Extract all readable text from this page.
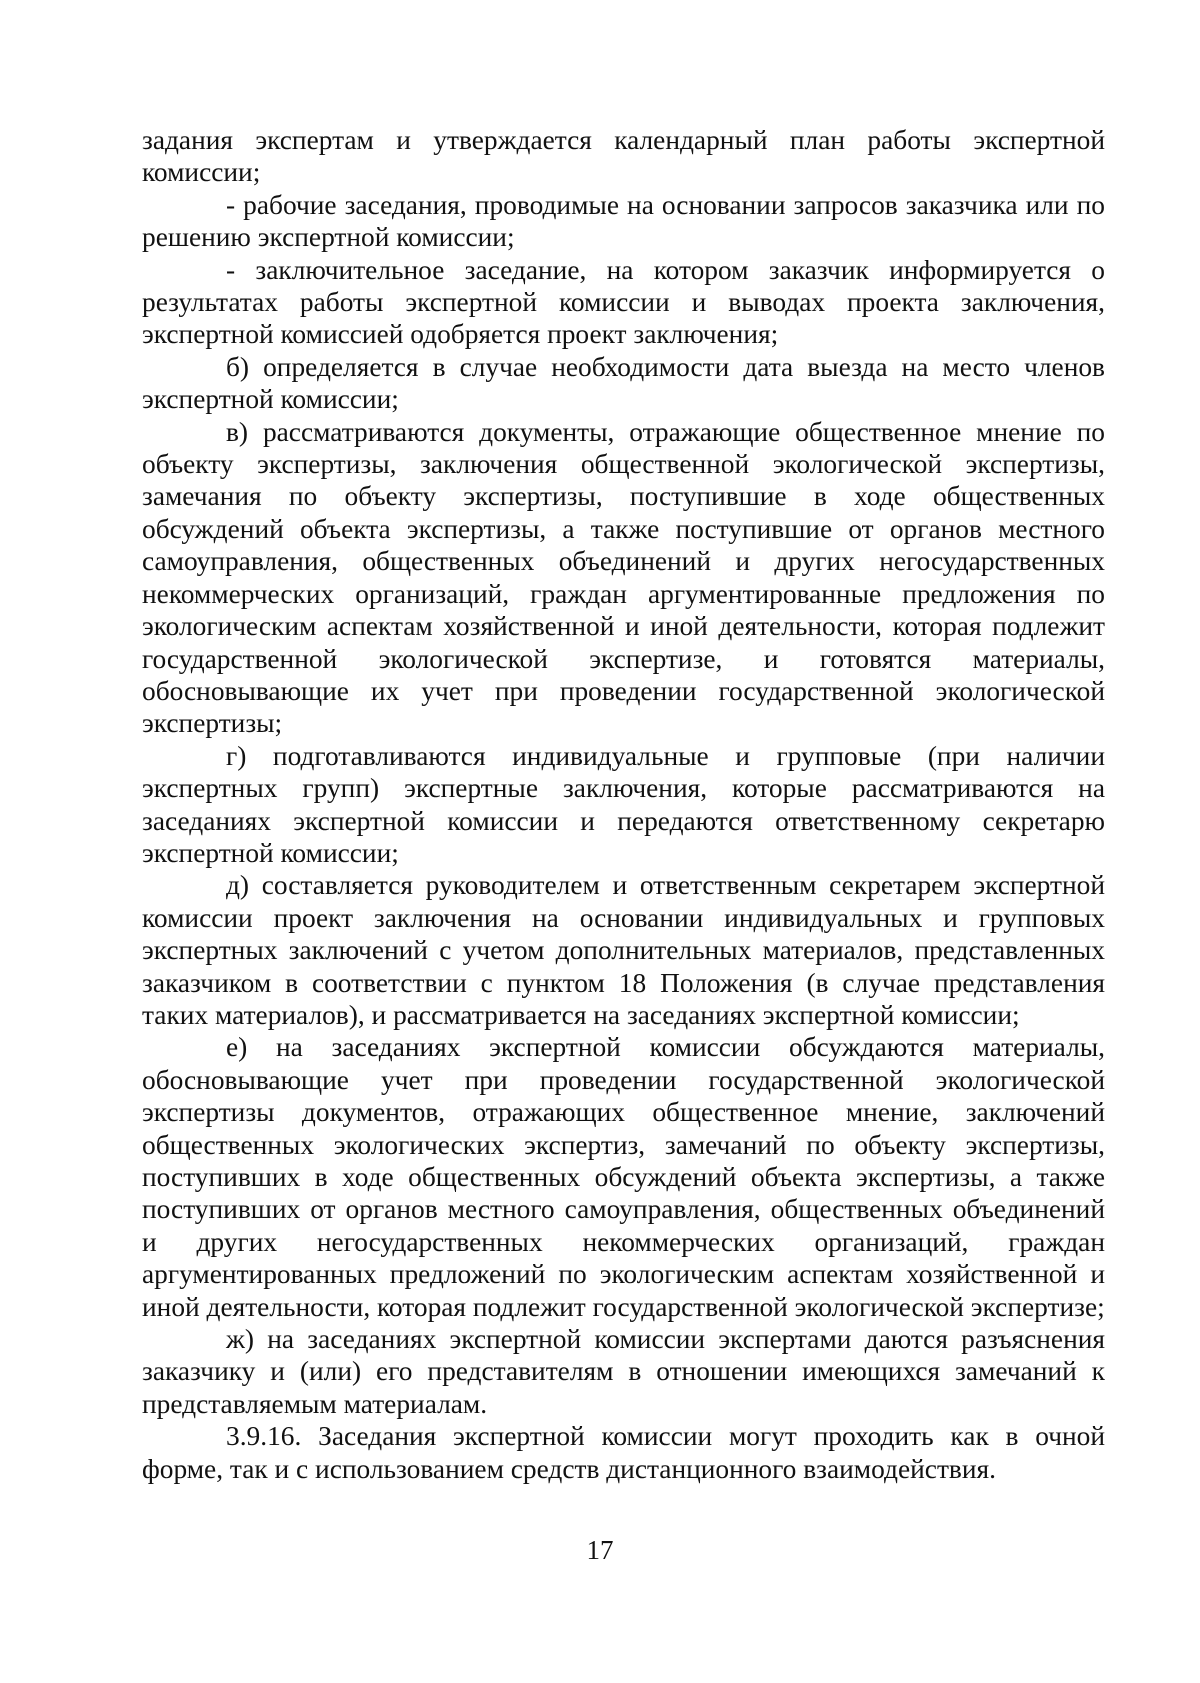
задания экспертам и утверждается календарный план работы экспертной комиссии;

- рабочие заседания, проводимые на основании запросов заказчика или по решению экспертной комиссии;

- заключительное заседание, на котором заказчик информируется о результатах работы экспертной комиссии и выводах проекта заключения, экспертной комиссией одобряется проект заключения;

б) определяется в случае необходимости дата выезда на место членов экспертной комиссии;

в) рассматриваются документы, отражающие общественное мнение по объекту экспертизы, заключения общественной экологической экспертизы, замечания по объекту экспертизы, поступившие в ходе общественных обсуждений объекта экспертизы, а также поступившие от органов местного самоуправления, общественных объединений и других негосударственных некоммерческих организаций, граждан аргументированные предложения по экологическим аспектам хозяйственной и иной деятельности, которая подлежит государственной экологической экспертизе, и готовятся материалы, обосновывающие их учет при проведении государственной экологической экспертизы;

г) подготавливаются индивидуальные и групповые (при наличии экспертных групп) экспертные заключения, которые рассматриваются на заседаниях экспертной комиссии и передаются ответственному секретарю экспертной комиссии;

д) составляется руководителем и ответственным секретарем экспертной комиссии проект заключения на основании индивидуальных и групповых экспертных заключений с учетом дополнительных материалов, представленных заказчиком в соответствии с пунктом 18 Положения (в случае представления таких материалов), и рассматривается на заседаниях экспертной комиссии;

е) на заседаниях экспертной комиссии обсуждаются материалы, обосновывающие учет при проведении государственной экологической экспертизы документов, отражающих общественное мнение, заключений общественных экологических экспертиз, замечаний по объекту экспертизы, поступивших в ходе общественных обсуждений объекта экспертизы, а также поступивших от органов местного самоуправления, общественных объединений и других негосударственных некоммерческих организаций, граждан аргументированных предложений по экологическим аспектам хозяйственной и иной деятельности, которая подлежит государственной экологической экспертизе;

ж) на заседаниях экспертной комиссии экспертами даются разъяснения заказчику и (или) его представителям в отношении имеющихся замечаний к представляемым материалам.

3.9.16. Заседания экспертной комиссии могут проходить как в очной форме, так и с использованием средств дистанционного взаимодействия.

17
